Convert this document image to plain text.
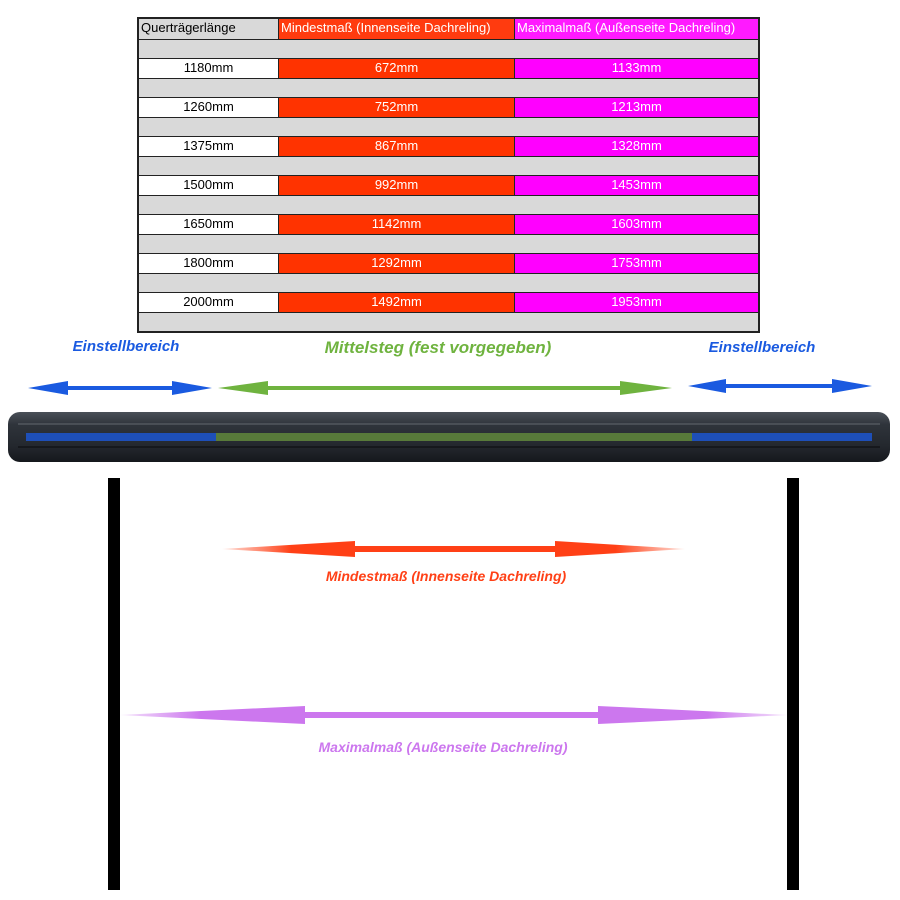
Querträgerlänge	Mindestmaß (Innenseite Dachreling)	Maximalmaß (Außenseite Dachreling)
1180mm	672mm	1133mm
1260mm	752mm	1213mm
1375mm	867mm	1328mm
1500mm	992mm	1453mm
1650mm	1142mm	1603mm
1800mm	1292mm	1753mm
2000mm	1492mm	1953mm
Einstellbereich	Mittelsteg (fest vorgegeben)	Einstellbereich
Mindestmaß (Innenseite Dachreling)
Maximalmaß (Außenseite Dachreling)
